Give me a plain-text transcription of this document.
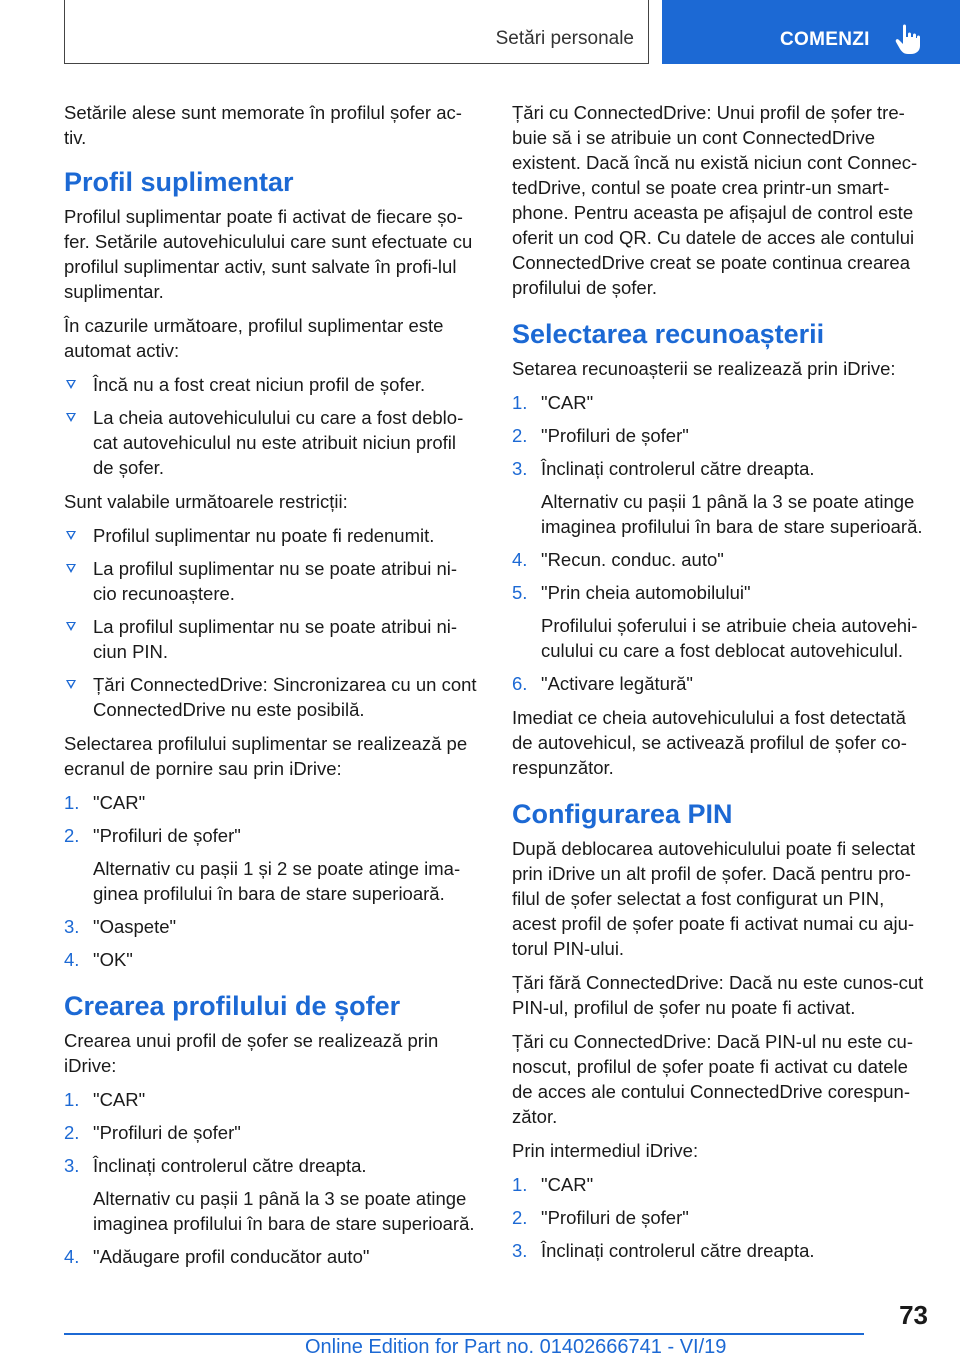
Setări personale	COMENZI

Setările alese sunt memorate în profilul șofer ac-tiv.

Profil suplimentar

Profilul suplimentar poate fi activat de fiecare șo-fer. Setările autovehiculului care sunt efectuate cu profilul suplimentar activ, sunt salvate în profi-lul suplimentar.

În cazurile următoare, profilul suplimentar este automat activ:

Încă nu a fost creat niciun profil de șofer.
La cheia autovehiculului cu care a fost deblo-cat autovehiculul nu este atribuit niciun profil de șofer.

Sunt valabile următoarele restricții:

Profilul suplimentar nu poate fi redenumit.
La profilul suplimentar nu se poate atribui ni-cio recunoaștere.
La profilul suplimentar nu se poate atribui ni-ciun PIN.
Țări ConnectedDrive: Sincronizarea cu un cont ConnectedDrive nu este posibilă.

Selectarea profilului suplimentar se realizează pe ecranul de pornire sau prin iDrive:

1. "CAR"
2. "Profiluri de șofer"
Alternativ cu pașii 1 și 2 se poate atinge ima-ginea profilului în bara de stare superioară.
3. "Oaspete"
4. "OK"
Crearea profilului de șofer

Crearea unui profil de șofer se realizează prin iDrive:

1. "CAR"
2. "Profiluri de șofer"
3. Înclinați controlerul către dreapta.
Alternativ cu pașii 1 până la 3 se poate atinge imaginea profilului în bara de stare superioară.
4. "Adăugare profil conducător auto"

Țări cu ConnectedDrive: Unui profil de șofer tre-buie să i se atribuie un cont ConnectedDrive existent. Dacă încă nu există niciun cont Connec-tedDrive, contul se poate crea printr-un smart-phone. Pentru aceasta pe afișajul de control este oferit un cod QR. Cu datele de acces ale contului ConnectedDrive creat se poate continua crearea profilului de șofer.

Selectarea recunoașterii

Setarea recunoașterii se realizează prin iDrive:

1. "CAR"
2. "Profiluri de șofer"
3. Înclinați controlerul către dreapta.
Alternativ cu pașii 1 până la 3 se poate atinge imaginea profilului în bara de stare superioară.
4. "Recun. conduc. auto"
5. "Prin cheia automobilului"
Profilului șoferului i se atribuie cheia autovehi-culului cu care a fost deblocat autovehiculul.
6. "Activare legătură"

Imediat ce cheia autovehiculului a fost detectată de autovehicul, se activează profilul de șofer co-respunzător.

Configurarea PIN

După deblocarea autovehiculului poate fi selectat prin iDrive un alt profil de șofer. Dacă pentru pro-filul de șofer selectat a fost configurat un PIN, acest profil de șofer poate fi activat numai cu aju-torul PIN-ului.

Țări fără ConnectedDrive: Dacă nu este cunos-cut PIN-ul, profilul de șofer nu poate fi activat.

Țări cu ConnectedDrive: Dacă PIN-ul nu este cu-noscut, profilul de șofer poate fi activat cu datele de acces ale contului ConnectedDrive corespun-zător.

Prin intermediul iDrive:

1. "CAR"
2. "Profiluri de șofer"
3. Înclinați controlerul către dreapta.
73
Online Edition for Part no. 01402666741 - VI/19
